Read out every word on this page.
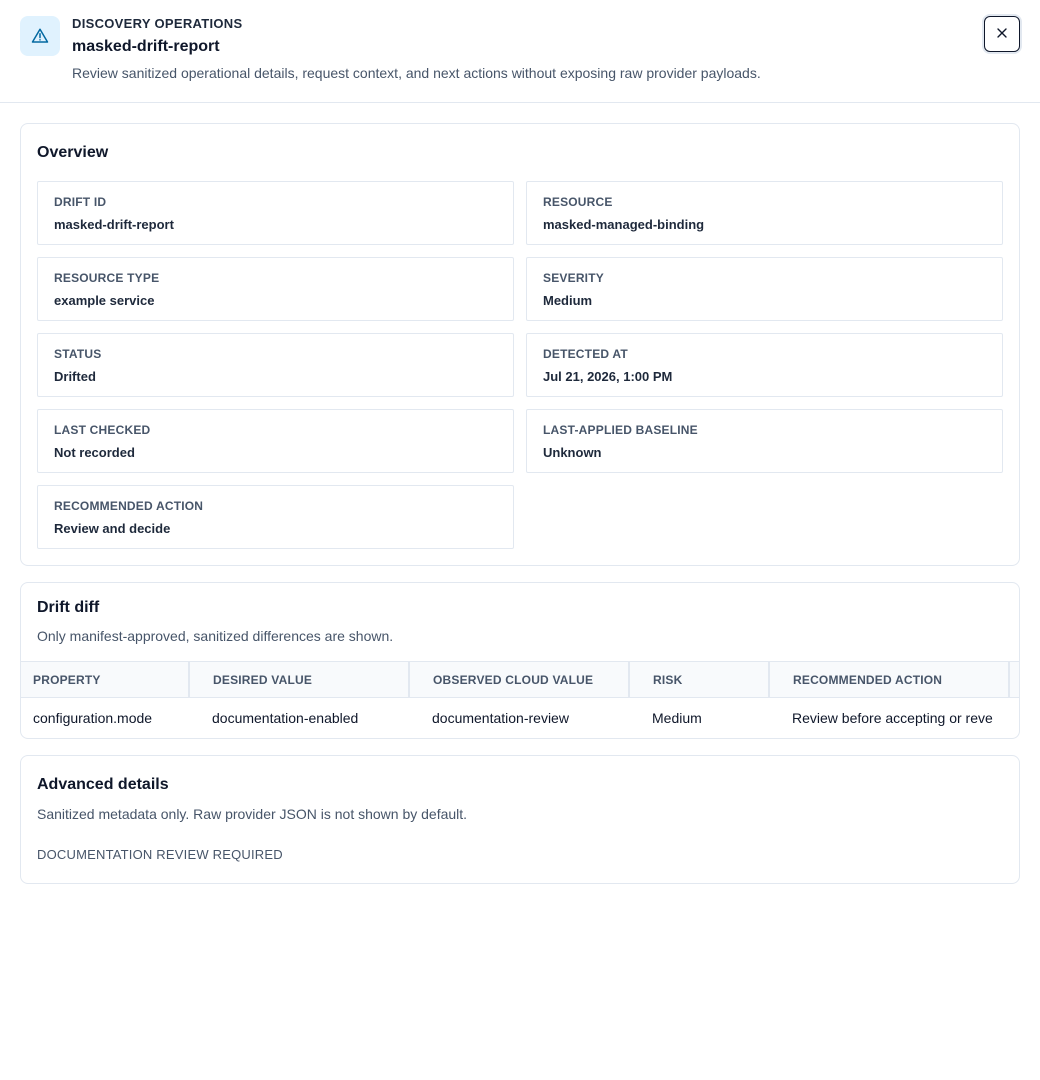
DISCOVERY OPERATIONS
masked-drift-report
Review sanitized operational details, request context, and next actions without exposing raw provider payloads.
Overview
DRIFT ID
masked-drift-report
RESOURCE
masked-managed-binding
RESOURCE TYPE
example service
SEVERITY
Medium
STATUS
Drifted
DETECTED AT
Jul 21, 2026, 1:00 PM
LAST CHECKED
Not recorded
LAST-APPLIED BASELINE
Unknown
RECOMMENDED ACTION
Review and decide
Drift diff
Only manifest-approved, sanitized differences are shown.
PROPERTY	DESIRED VALUE	OBSERVED CLOUD VALUE	RISK	RECOMMENDED ACTION	
configuration.mode	documentation-enabled	documentation-review	Medium	Review before accepting or reve	
Advanced details
Sanitized metadata only. Raw provider JSON is not shown by default.
DOCUMENTATION REVIEW REQUIRED
